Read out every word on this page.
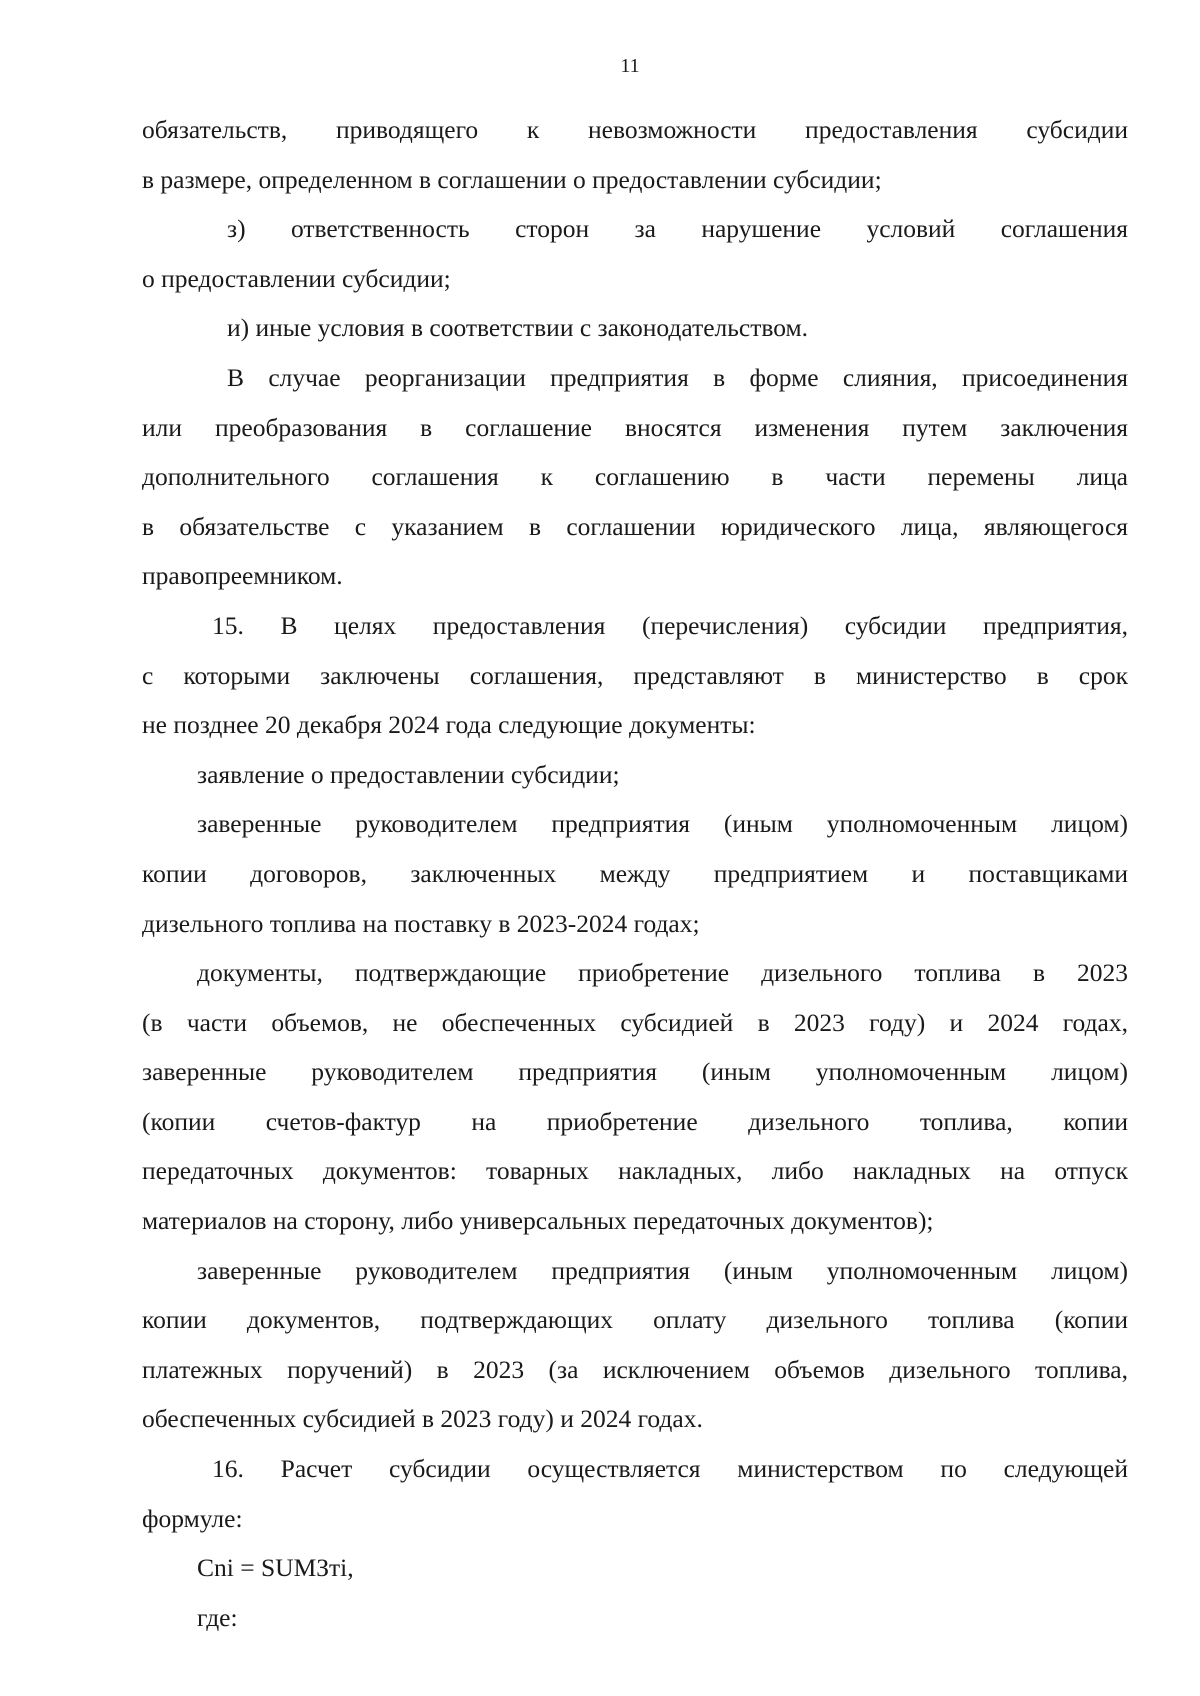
11

обязательств, приводящего к невозможности предоставления субсидии
в размере, определенном в соглашении о предоставлении субсидии;

з) ответственность сторон за нарушение условий соглашения
о предоставлении субсидии;

и) иные условия в соответствии с законодательством.

В случае реорганизации предприятия в форме слияния, присоединения
или преобразования в соглашение вносятся изменения путем заключения
дополнительного соглашения к соглашению в части перемены лица
в обязательстве с указанием в соглашении юридического лица, являющегося
правопреемником.

15. В целях предоставления (перечисления) субсидии предприятия,
с которыми заключены соглашения, представляют в министерство в срок
не позднее 20 декабря 2024 года следующие документы:

заявление о предоставлении субсидии;

заверенные руководителем предприятия (иным уполномоченным лицом)
копии договоров, заключенных между предприятием и поставщиками
дизельного топлива на поставку в 2023-2024 годах;

документы, подтверждающие приобретение дизельного топлива в 2023
(в части объемов, не обеспеченных субсидией в 2023 году) и 2024 годах,
заверенные руководителем предприятия (иным уполномоченным лицом)
(копии счетов-фактур на приобретение дизельного топлива, копии
передаточных документов: товарных накладных, либо накладных на отпуск
материалов на сторону, либо универсальных передаточных документов);

заверенные руководителем предприятия (иным уполномоченным лицом)
копии документов, подтверждающих оплату дизельного топлива (копии
платежных поручений) в 2023 (за исключением объемов дизельного топлива,
обеспеченных субсидией в 2023 году) и 2024 годах.

16. Расчет субсидии осуществляется министерством по следующей
формуле:

Cni = SUMЗтi,

где:
